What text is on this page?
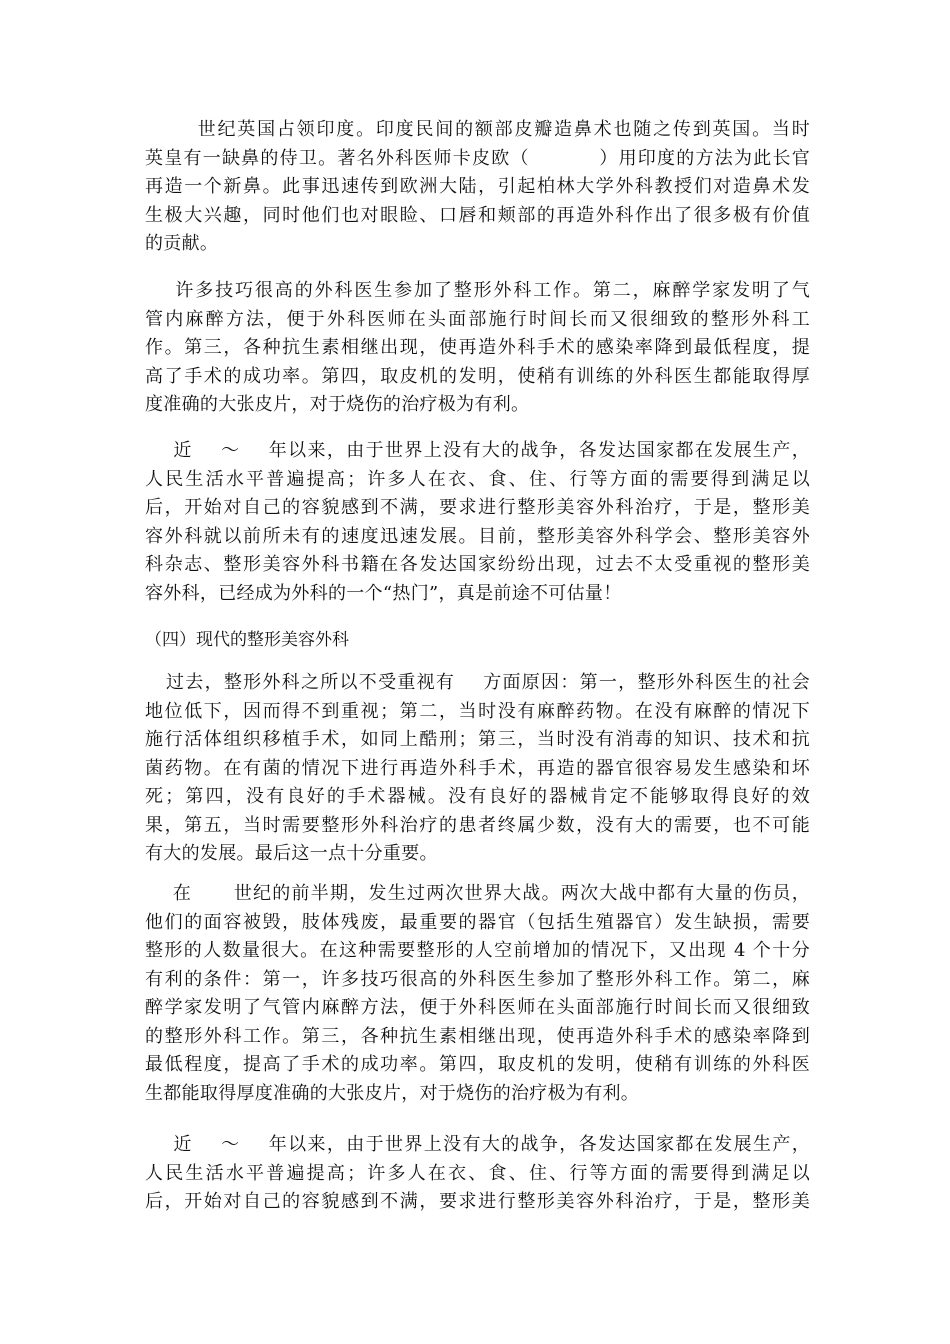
世纪英国占领印度。印度民间的额部皮瓣造鼻术也随之传到英国。当时
英皇有一缺鼻的侍卫。著名外科医师卡皮欧（          ）用印度的方法为此长官
再造一个新鼻。此事迅速传到欧洲大陆，引起柏林大学外科教授们对造鼻术发
生极大兴趣，同时他们也对眼睑、口唇和颊部的再造外科作出了很多极有价值
的贡献。
许多技巧很高的外科医生参加了整形外科工作。第二，麻醉学家发明了气
管内麻醉方法，便于外科医师在头面部施行时间长而又很细致的整形外科工
作。第三，各种抗生素相继出现，使再造外科手术的感染率降到最低程度，提
高了手术的成功率。第四，取皮机的发明，使稍有训练的外科医生都能取得厚
度准确的大张皮片，对于烧伤的治疗极为有利。
近    ～    年以来，由于世界上没有大的战争，各发达国家都在发展生产，
人民生活水平普遍提高；许多人在衣、食、住、行等方面的需要得到满足以
后，开始对自己的容貌感到不满，要求进行整形美容外科治疗，于是，整形美
容外科就以前所未有的速度迅速发展。目前，整形美容外科学会、整形美容外
科杂志、整形美容外科书籍在各发达国家纷纷出现，过去不太受重视的整形美
容外科，已经成为外科的一个“热门”，真是前途不可估量！
（四）现代的整形美容外科
过去，整形外科之所以不受重视有    方面原因：第一，整形外科医生的社会
地位低下，因而得不到重视；第二，当时没有麻醉药物。在没有麻醉的情况下
施行活体组织移植手术，如同上酷刑；第三，当时没有消毒的知识、技术和抗
菌药物。在有菌的情况下进行再造外科手术，再造的器官很容易发生感染和坏
死；第四，没有良好的手术器械。没有良好的器械肯定不能够取得良好的效
果，第五，当时需要整形外科治疗的患者终属少数，没有大的需要，也不可能
有大的发展。最后这一点十分重要。
在      世纪的前半期，发生过两次世界大战。两次大战中都有大量的伤员，
他们的面容被毁，肢体残废，最重要的器官（包括生殖器官）发生缺损，需要
整形的人数量很大。在这种需要整形的人空前增加的情况下，又出现 4 个十分
有利的条件：第一，许多技巧很高的外科医生参加了整形外科工作。第二，麻
醉学家发明了气管内麻醉方法，便于外科医师在头面部施行时间长而又很细致
的整形外科工作。第三，各种抗生素相继出现，使再造外科手术的感染率降到
最低程度，提高了手术的成功率。第四，取皮机的发明，使稍有训练的外科医
生都能取得厚度准确的大张皮片，对于烧伤的治疗极为有利。
近    ～    年以来，由于世界上没有大的战争，各发达国家都在发展生产，
人民生活水平普遍提高；许多人在衣、食、住、行等方面的需要得到满足以
后，开始对自己的容貌感到不满，要求进行整形美容外科治疗，于是，整形美
